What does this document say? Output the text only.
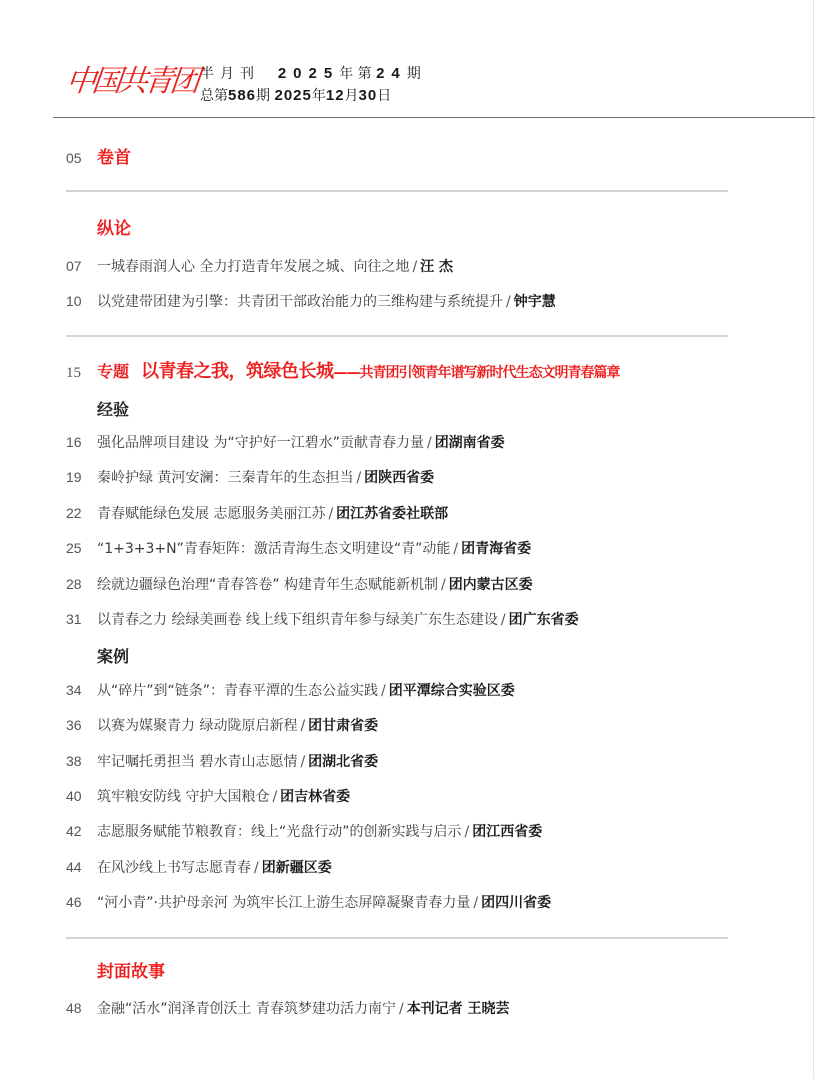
中国共青团 半月刊 2025年 第 24期
总第586期 2025年12月30日
05 卷首
纵论
07 一城春雨润人心 全力打造青年发展之城、向往之地 / 汪 杰
10 以党建带团建为引擎：共青团干部政治能力的三维构建与系统提升 / 钟宇慧
15 专题 以青春之我，筑绿色长城——共青团引领青年谱写新时代生态文明青春篇章
经验
16 强化品牌项目建设 为“守护好一江碧水”贡献青春力量 / 团湖南省委
19 秦岭护绿 黄河安澜：三秦青年的生态担当 / 团陕西省委
22 青春赋能绿色发展 志愿服务美丽江苏 / 团江苏省委社联部
25 “1+3+3+N”青春矩阵：激活青海生态文明建设“青”动能 / 团青海省委
28 绘就边疆绿色治理“青春答卷” 构建青年生态赋能新机制 / 团内蒙古区委
31 以青春之力 绘绿美画卷 线上线下组织青年参与绿美广东生态建设 / 团广东省委
案例
34 从“碎片”到“链条”：青春平潭的生态公益实践 / 团平潭综合实验区委
36 以赛为媒聚青力 绿动陇原启新程 / 团甘肃省委
38 牢记嘱托勇担当 碧水青山志愿情 / 团湖北省委
40 筑牢粮安防线 守护大国粮仓 / 团吉林省委
42 志愿服务赋能节粮教育：线上“光盘行动”的创新实践与启示 / 团江西省委
44 在风沙线上书写志愿青春 / 团新疆区委
46 “河小青”·共护母亲河 为筑牢长江上游生态屏障凝聚青春力量 / 团四川省委
封面故事
48 金融“活水”润泽青创沃土 青春筑梦建功活力南宁 / 本刊记者 王晓芸
